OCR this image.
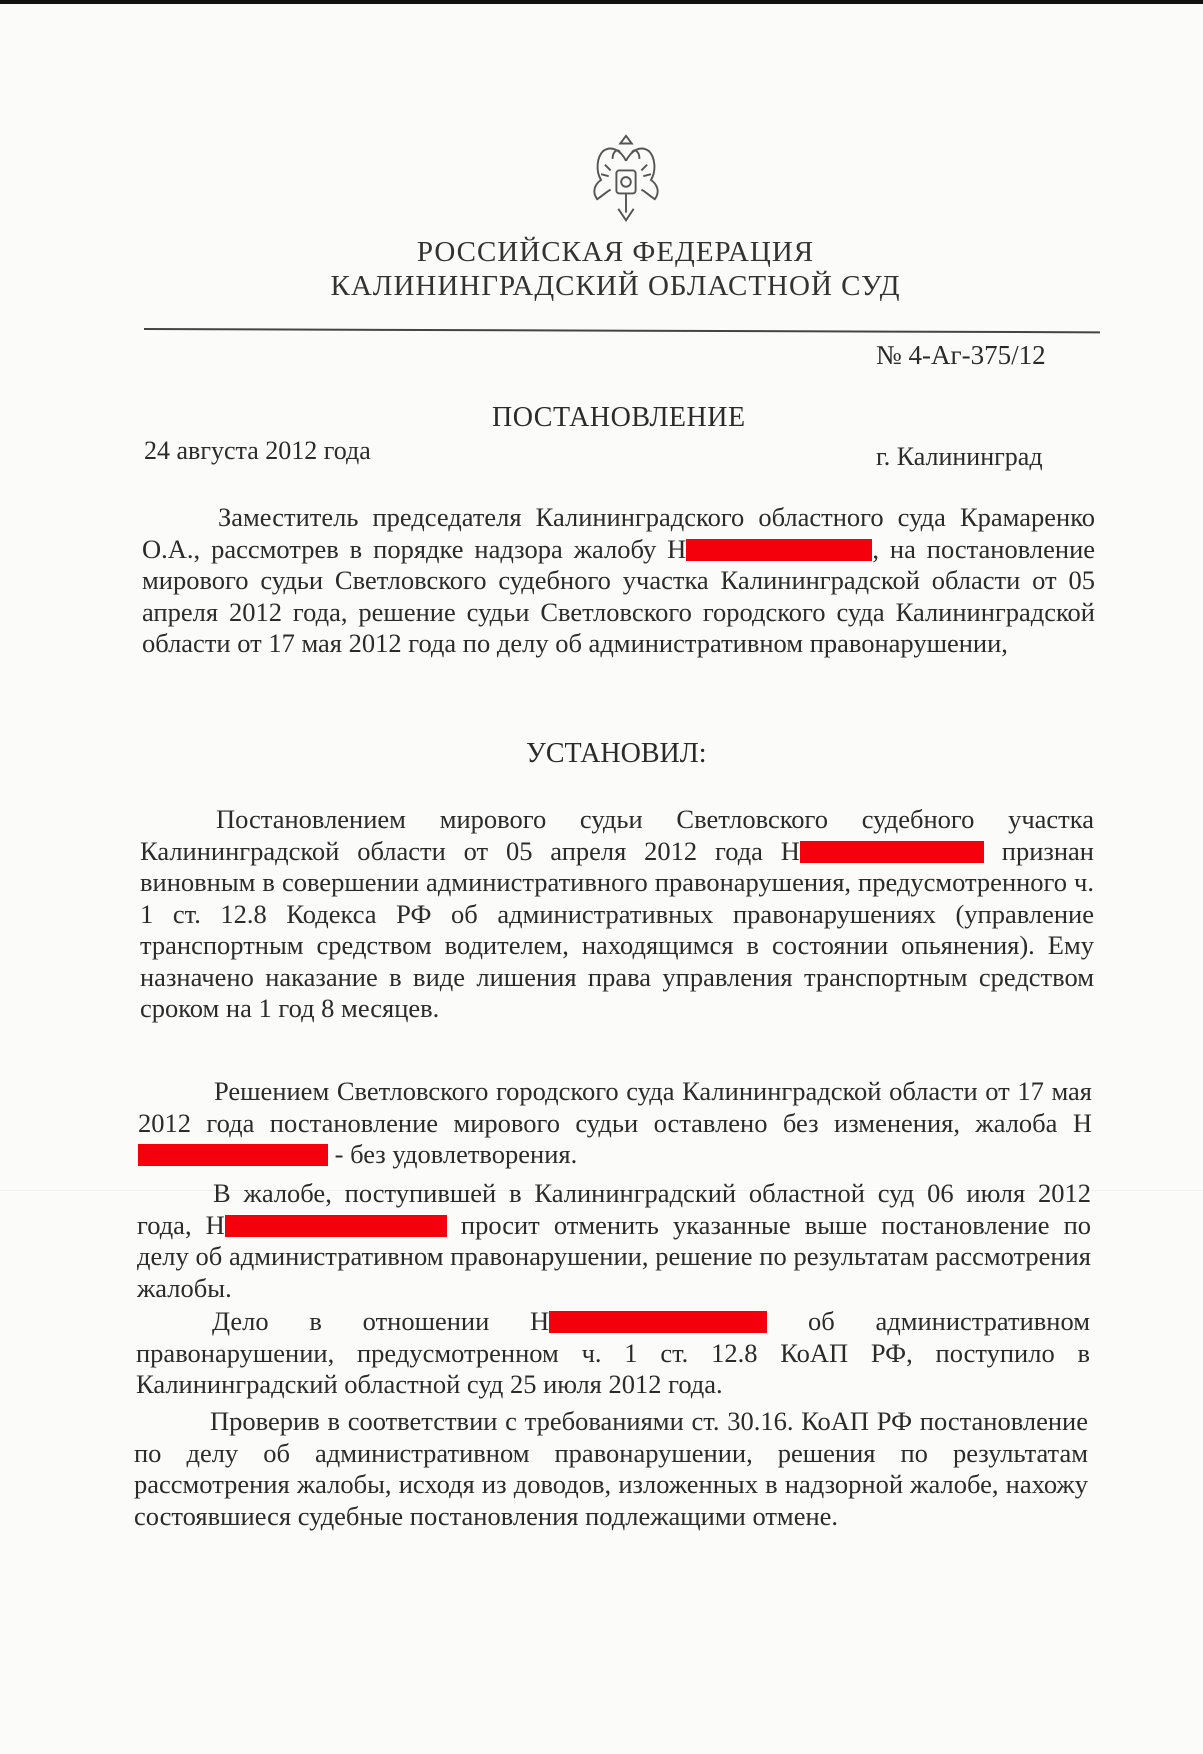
РОССИЙСКАЯ ФЕДЕРАЦИЯ
КАЛИНИНГРАДСКИЙ ОБЛАСТНОЙ СУД
№ 4-Аг-375/12
ПОСТАНОВЛЕНИЕ
24 августа 2012 года	г. Калининград
Заместитель председателя Калининградского областного суда Крамаренко О.А., рассмотрев в порядке надзора жалобу Н	, на постановление мирового судьи Светловского судебного участка Калининградской области от 05 апреля 2012 года, решение судьи Светловского городского суда Калининградской области от 17 мая 2012 года по делу об административном правонарушении,
УСТАНОВИЛ:
Постановлением мирового судьи Светловского судебного участка Калининградской области от 05 апреля 2012 года Н	признан виновным в совершении административного правонарушения, предусмотренного ч. 1 ст. 12.8 Кодекса РФ об административных правонарушениях (управление транспортным средством водителем, находящимся в состоянии опьянения). Ему назначено наказание в виде лишения права управления транспортным средством сроком на 1 год 8 месяцев.
Решением Светловского городского суда Калининградской области от 17 мая 2012 года постановление мирового судьи оставлено без изменения, жалоба Н - без удовлетворения.
В жалобе, поступившей в Калининградский областной суд 06 июля 2012 года, Н	просит отменить указанные выше постановление по делу об административном правонарушении, решение по результатам рассмотрения жалобы.
Дело в отношении Н	об административном правонарушении, предусмотренном ч. 1 ст. 12.8 КоАП РФ, поступило в Калининградский областной суд 25 июля 2012 года.
Проверив в соответствии с требованиями ст. 30.16. КоАП РФ постановление по делу об административном правонарушении, решения по результатам рассмотрения жалобы, исходя из доводов, изложенных в надзорной жалобе, нахожу состоявшиеся судебные постановления подлежащими отмене.
